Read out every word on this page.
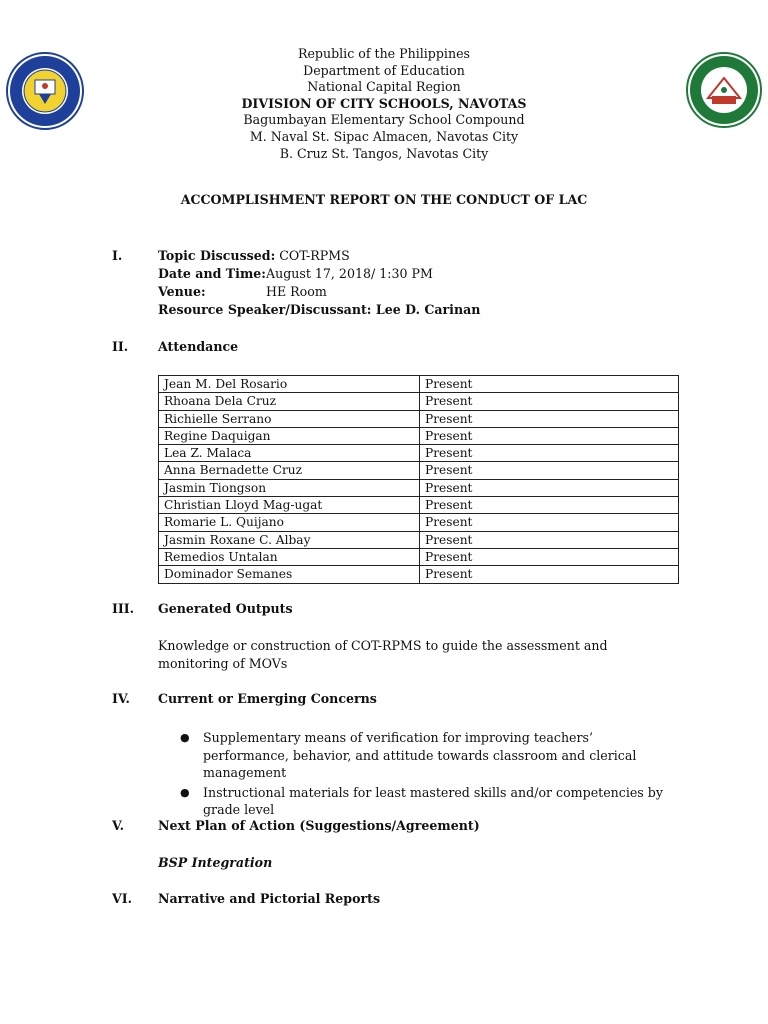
Republic of the Philippines
Department of Education
National Capital Region
DIVISION OF CITY SCHOOLS, NAVOTAS
Bagumbayan Elementary School Compound
M. Naval St. Sipac Almacen, Navotas City
B. Cruz St. Tangos, Navotas City
ACCOMPLISHMENT REPORT ON THE CONDUCT OF LAC
I.	Topic Discussed: COT-RPMS
Date and Time: August 17, 2018/ 1:30 PM
Venue:	HE Room
Resource Speaker/Discussant: Lee D. Carinan
II. Attendance
Jean M. Del Rosario	Present
Rhoana Dela Cruz	Present
Richielle Serrano	Present
Regine Daquigan	Present
Lea Z. Malaca	Present
Anna Bernadette Cruz	Present
Jasmin Tiongson	Present
Christian Lloyd Mag-ugat	Present
Romarie L. Quijano	Present
Jasmin Roxane C. Albay	Present
Remedios Untalan	Present
Dominador Semanes	Present
III. Generated Outputs
Knowledge or construction of COT-RPMS to guide the assessment and monitoring of MOVs
IV. Current or Emerging Concerns
● Supplementary means of verification for improving teachers’ performance, behavior, and attitude towards classroom and clerical management
● Instructional materials for least mastered skills and/or competencies by grade level
V.	Next Plan of Action (Suggestions/Agreement)
BSP Integration
VI. Narrative and Pictorial Reports
